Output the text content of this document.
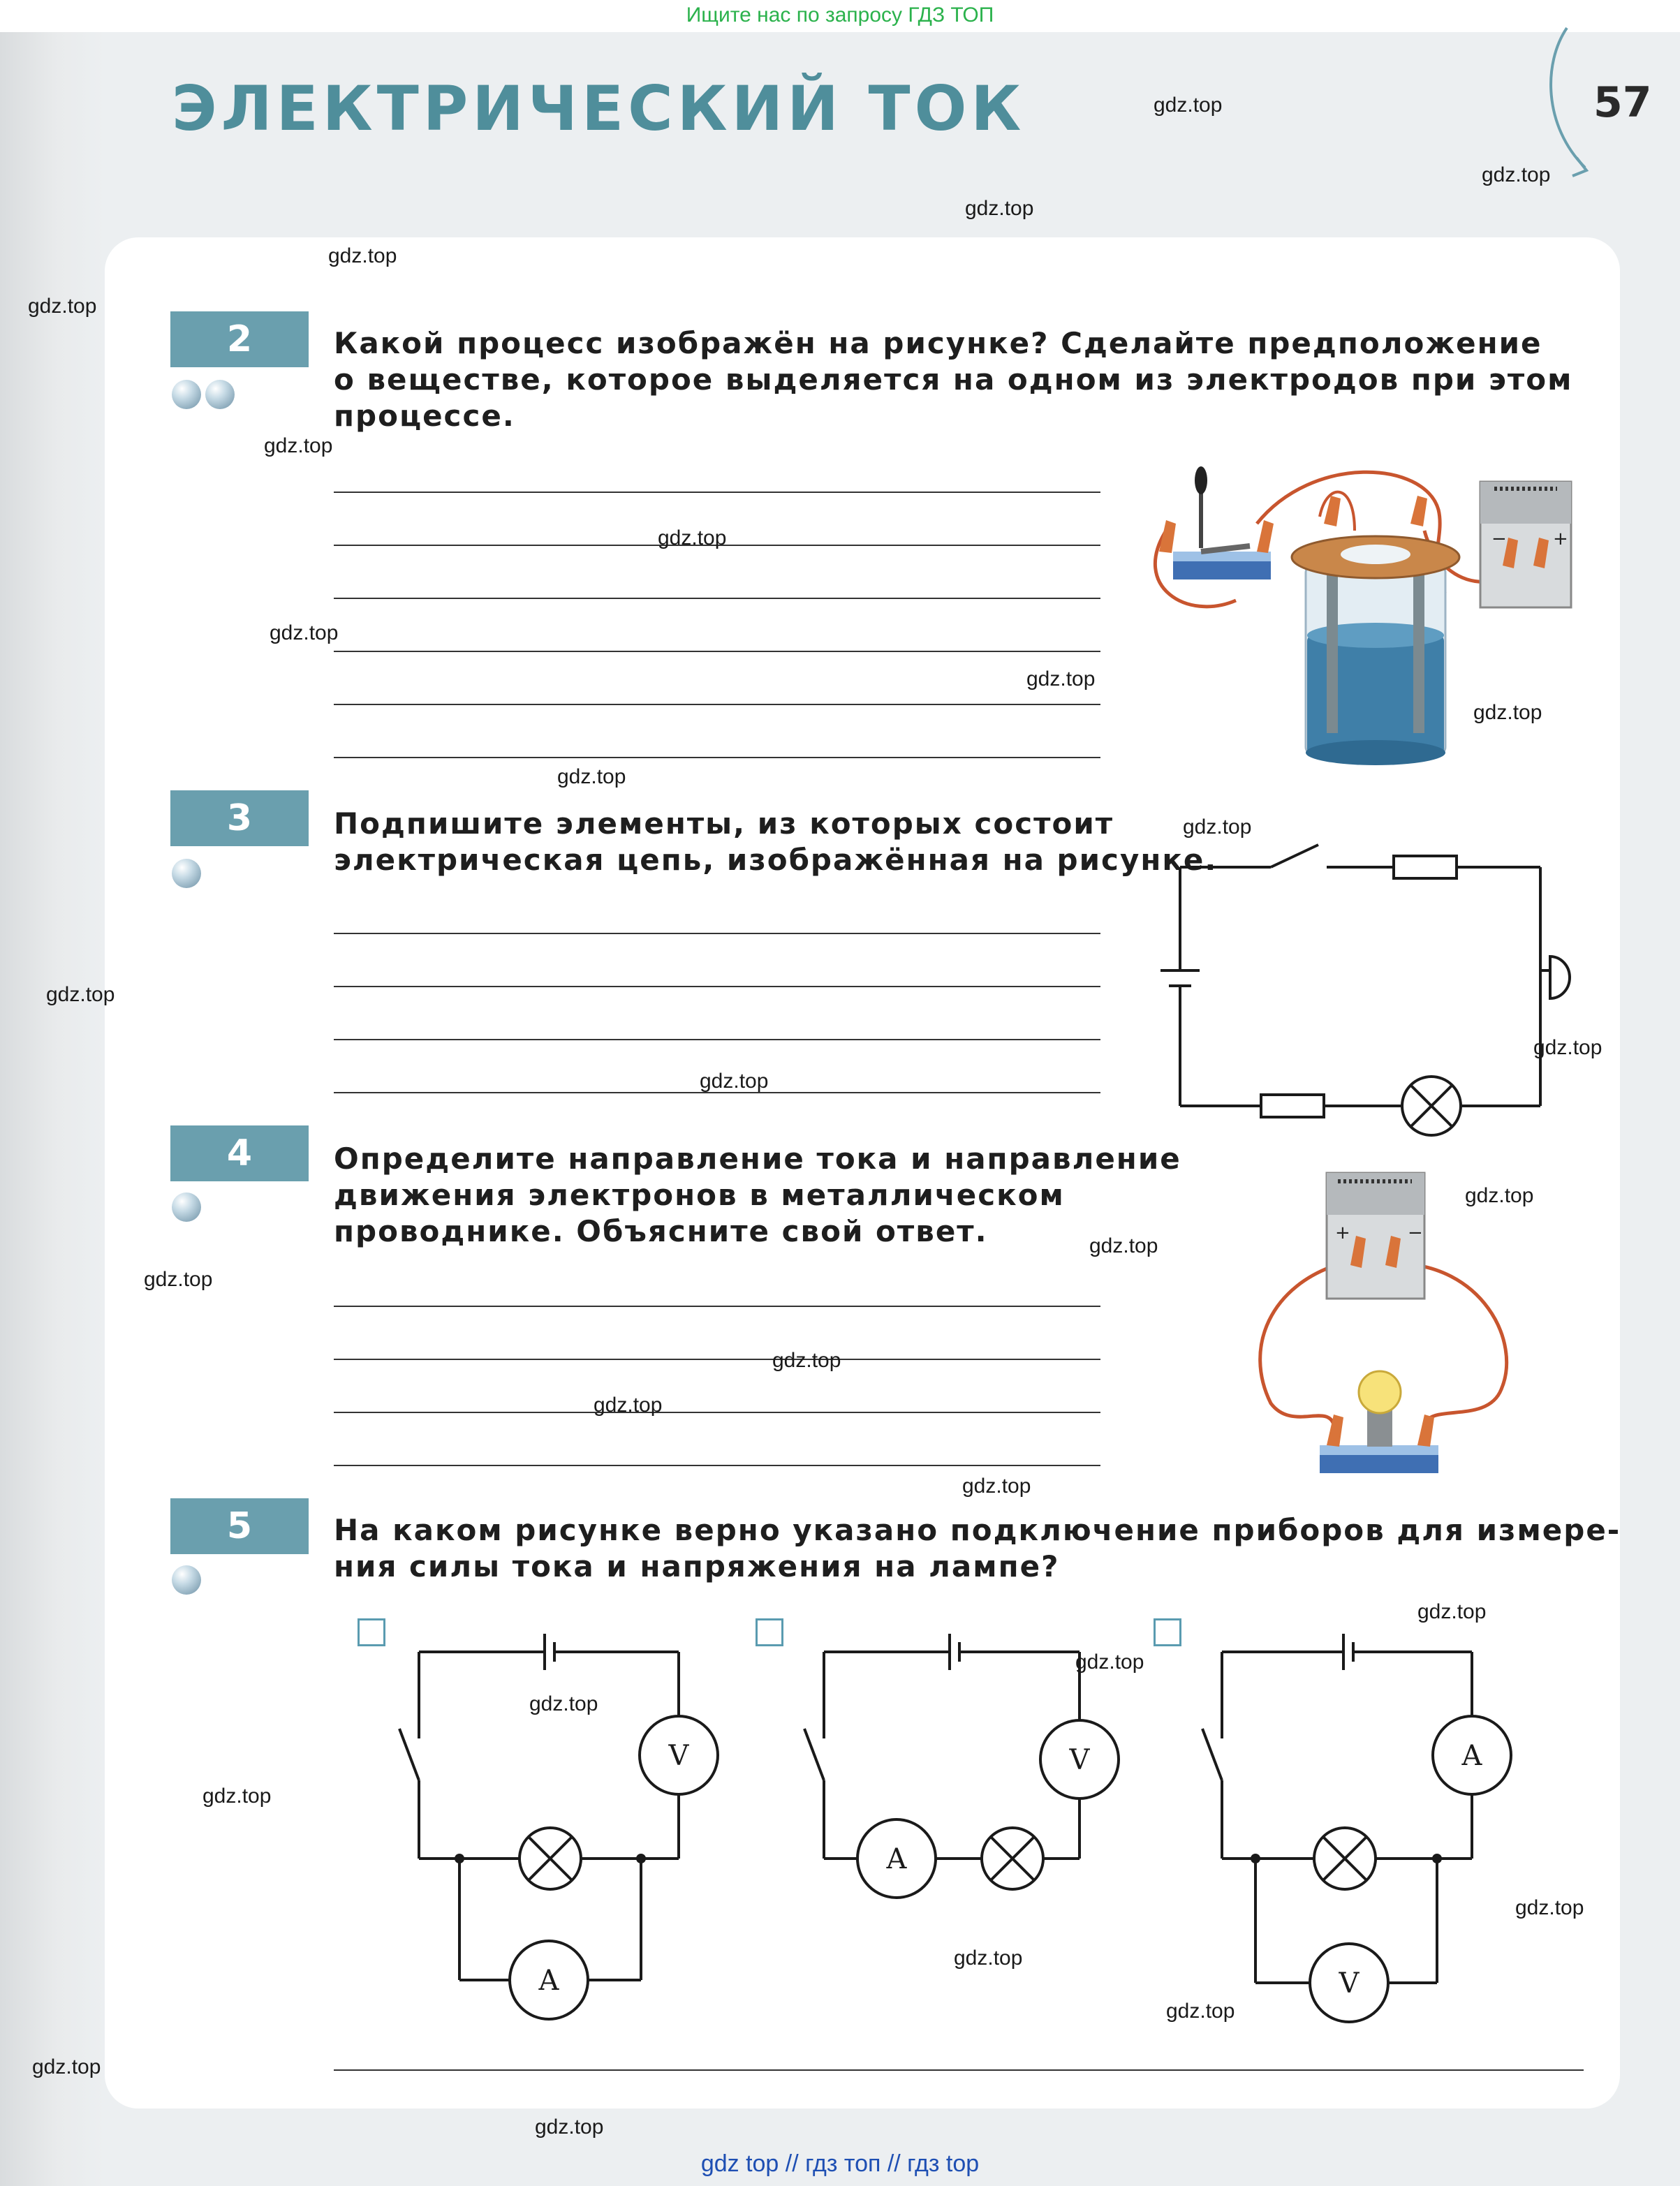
Ищите нас по запросу ГДЗ ТОП
ЭЛЕКТРИЧЕСКИЙ ТОК	57
2	Какой процесс изображён на рисунке? Сделайте предположение
о веществе, которое выделяется на одном из электродов при этом
процессе.
−	+
3	Подпишите элементы, из которых состоит
электрическая цепь, изображённая на рисунке.
4	Определите направление тока и направление
движения электронов в металлическом
проводнике. Объясните свой ответ.	+	−
5	На каком рисунке верно указано подключение приборов для измере-
ния силы тока и напряжения на лампе?
V
A
V
A
A
V
gdz.top
gdz.top
gdz.top
gdz.top
gdz.top
gdz.top
gdz.top
gdz.top
gdz.top
gdz.top
gdz.top
gdz.top
gdz.top
gdz.top
gdz.top
gdz.top
gdz.top
gdz.top
gdz.top
gdz.top
gdz.top
gdz.top
gdz.top
gdz.top
gdz.top
gdz.top
gdz.top
gdz.top
gdz.top
gdz.top
gdz top // гдз топ // гдз top
